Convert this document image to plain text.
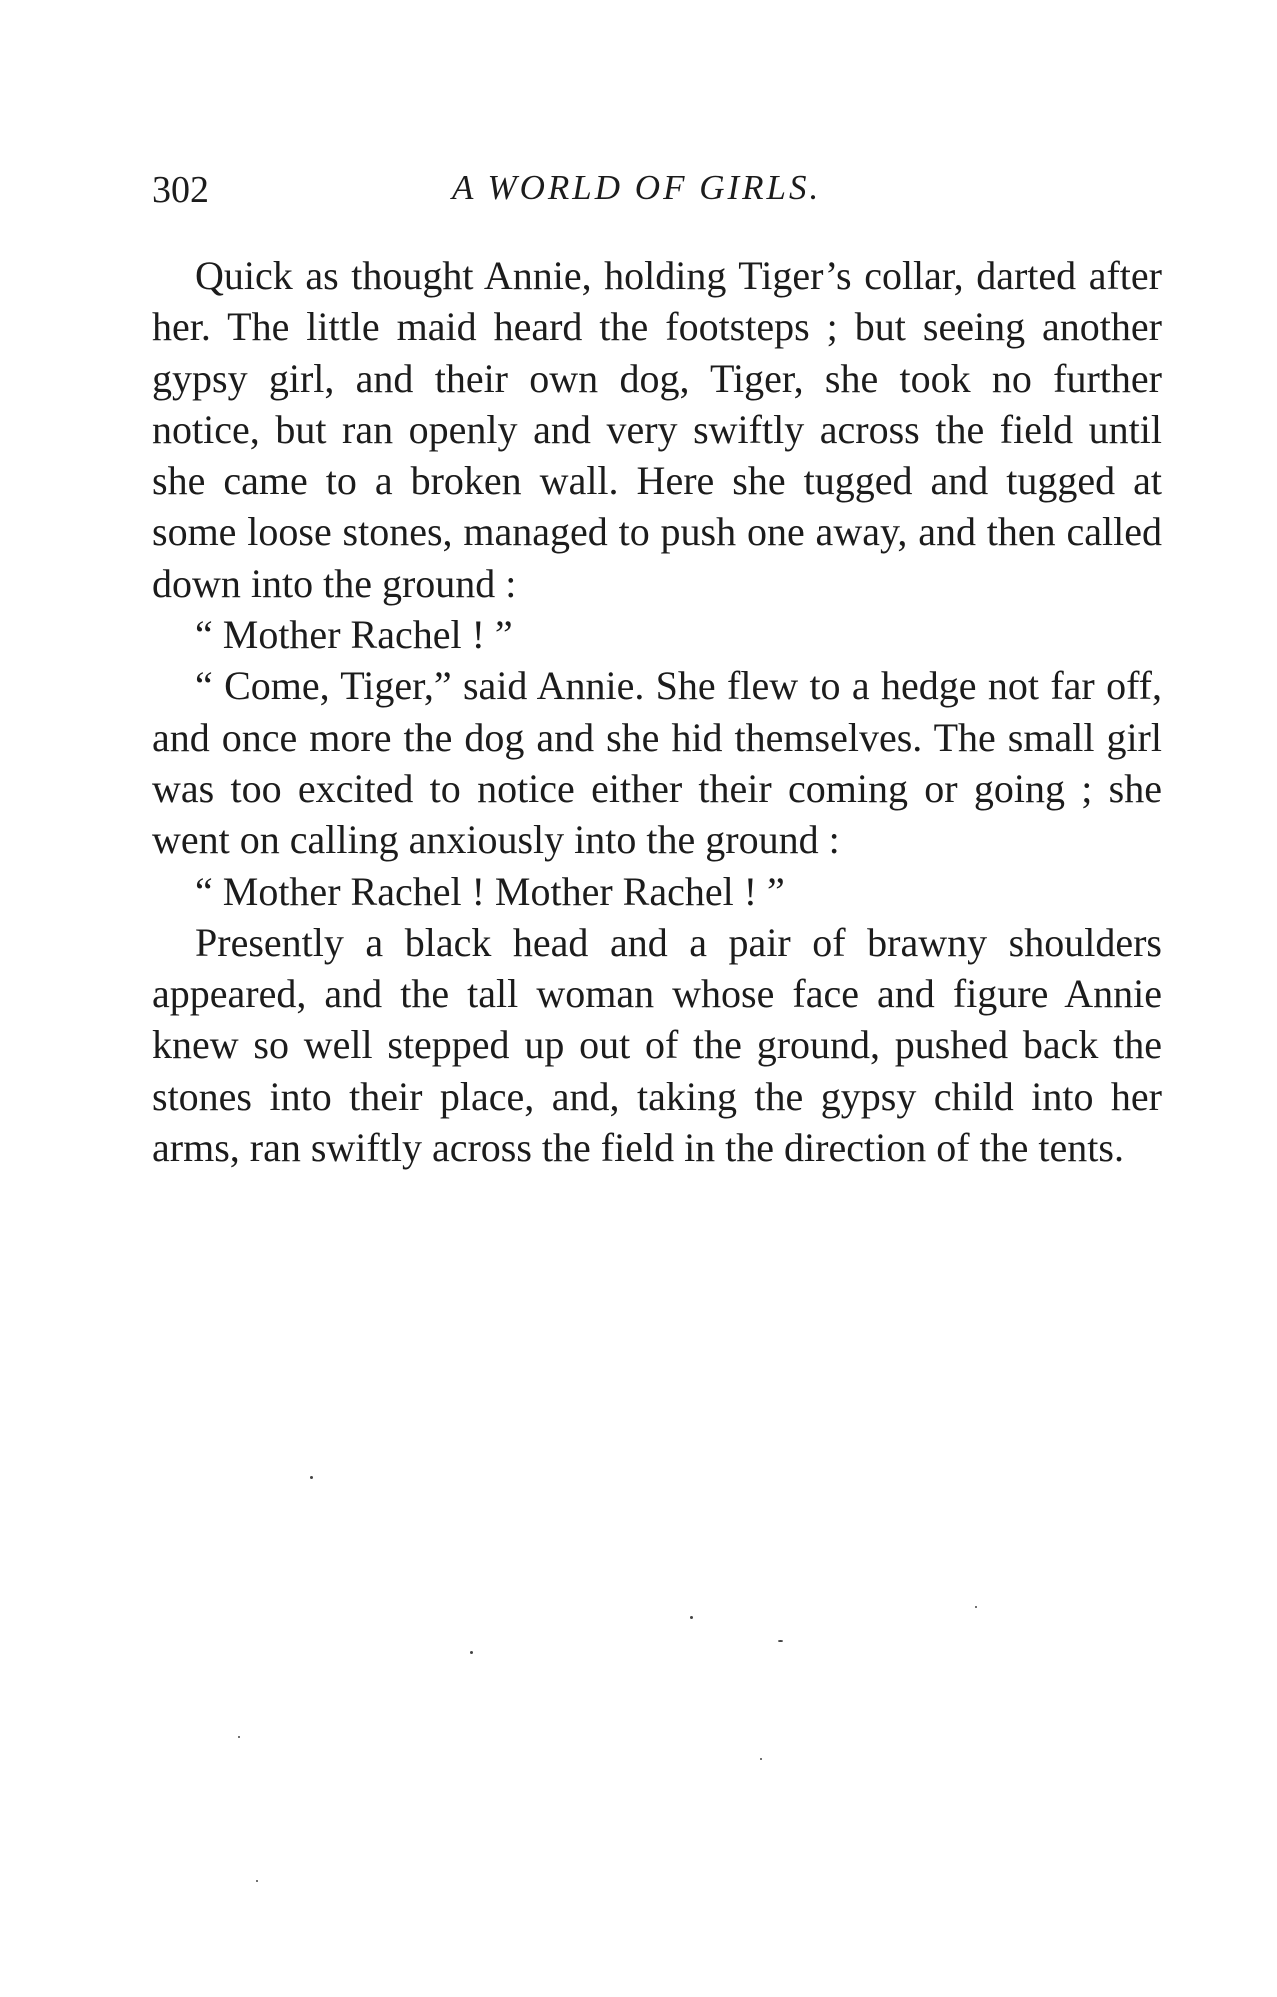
302	A WORLD OF GIRLS.

Quick as thought Annie, holding Tiger’s collar, darted after her. The little maid heard the footsteps ; but seeing another gypsy girl, and their own dog, Tiger, she took no further notice, but ran openly and very swiftly across the field until she came to a broken wall. Here she tugged and tugged at some loose stones, managed to push one away, and then called down into the ground :

“ Mother Rachel ! ”

“ Come, Tiger,” said Annie. She flew to a hedge not far off, and once more the dog and she hid themselves. The small girl was too excited to notice either their coming or going ; she went on calling anxiously into the ground :

“ Mother Rachel ! Mother Rachel ! ”

Presently a black head and a pair of brawny shoulders appeared, and the tall woman whose face and figure Annie knew so well stepped up out of the ground, pushed back the stones into their place, and, taking the gypsy child into her arms, ran swiftly across the field in the direction of the tents.
